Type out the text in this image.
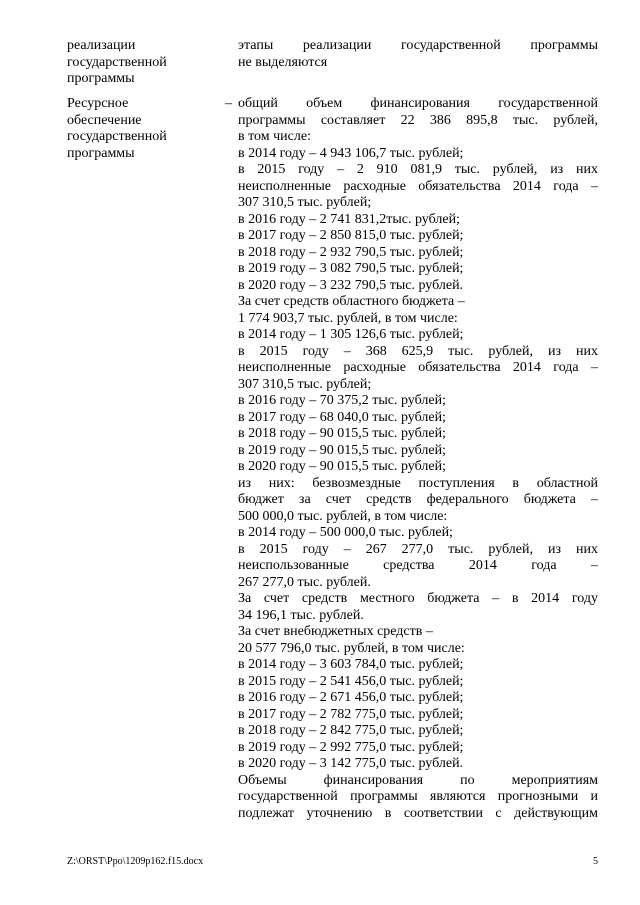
реализации
государственной
программы
этапы реализации государственной программы
не выделяются
Ресурсное
обеспечение
государственной
программы
– общий объем финансирования государственной
программы составляет 22 386 895,8 тыс. рублей,
в том числе:
в 2014 году – 4 943 106,7 тыс. рублей;
в 2015 году – 2 910 081,9 тыс. рублей, из них
неисполненные расходные обязательства 2014 года –
307 310,5 тыс. рублей;
в 2016 году – 2 741 831,2тыс. рублей;
в 2017 году – 2 850 815,0 тыс. рублей;
в 2018 году – 2 932 790,5 тыс. рублей;
в 2019 году – 3 082 790,5 тыс. рублей;
в 2020 году – 3 232 790,5 тыс. рублей.
За счет средств областного бюджета –
1 774 903,7 тыс. рублей, в том числе:
в 2014 году – 1 305 126,6 тыс. рублей;
в 2015 году – 368 625,9 тыс. рублей, из них
неисполненные расходные обязательства 2014 года –
307 310,5 тыс. рублей;
в 2016 году – 70 375,2 тыс. рублей;
в 2017 году – 68 040,0 тыс. рублей;
в 2018 году – 90 015,5 тыс. рублей;
в 2019 году – 90 015,5 тыс. рублей;
в 2020 году – 90 015,5 тыс. рублей;
из них: безвозмездные поступления в областной
бюджет за счет средств федерального бюджета –
500 000,0 тыс. рублей, в том числе:
в 2014 году – 500 000,0 тыс. рублей;
в 2015 году – 267 277,0 тыс. рублей, из них
неиспользованные средства 2014 года –
267 277,0 тыс. рублей.
За счет средств местного бюджета – в 2014 году
34 196,1 тыс. рублей.
За счет внебюджетных средств –
20 577 796,0 тыс. рублей, в том числе:
в 2014 году – 3 603 784,0 тыс. рублей;
в 2015 году – 2 541 456,0 тыс. рублей;
в 2016 году – 2 671 456,0 тыс. рублей;
в 2017 году – 2 782 775,0 тыс. рублей;
в 2018 году – 2 842 775,0 тыс. рублей;
в 2019 году – 2 992 775,0 тыс. рублей;
в 2020 году – 3 142 775,0 тыс. рублей.
Объемы финансирования по мероприятиям
государственной программы являются прогнозными и
подлежат уточнению в соответствии с действующим
Z:\ORST\Ppo\1209p162.f15.docx	5
